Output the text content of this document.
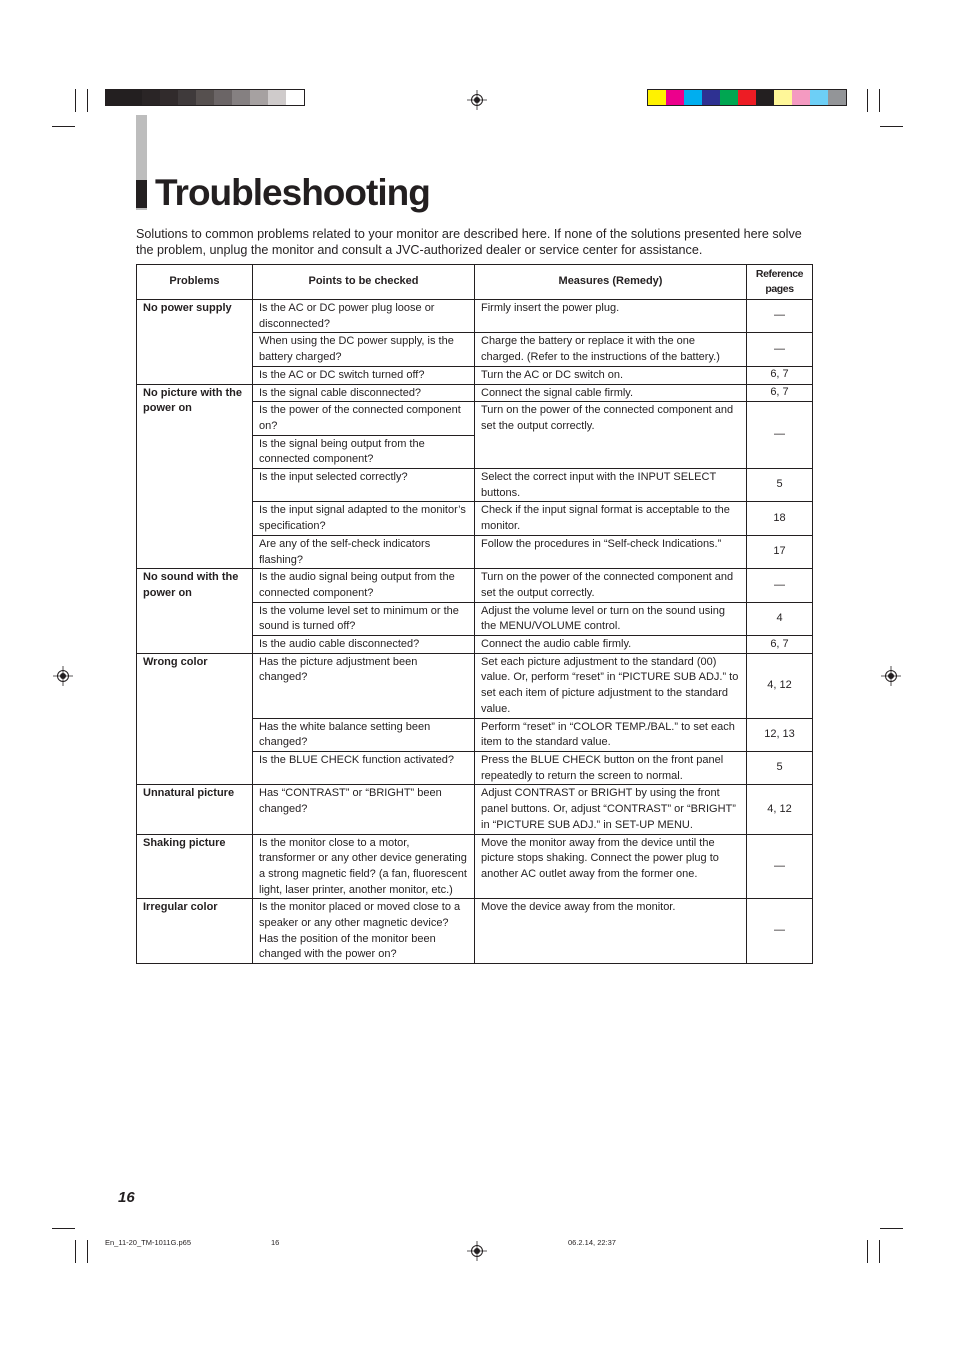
Troubleshooting

Solutions to common problems related to your monitor are described here. If none of the solutions presented here solve the problem, unplug the monitor and consult a JVC-authorized dealer or service center for assistance.

Problems	Points to be checked	Measures (Remedy)	Reference pages
No power supply	Is the AC or DC power plug loose or disconnected?	Firmly insert the power plug.	—
	When using the DC power supply, is the battery charged?	Charge the battery or replace it with the one charged. (Refer to the instructions of the battery.)	—
	Is the AC or DC switch turned off?	Turn the AC or DC switch on.	6, 7
No picture with the power on	Is the signal cable disconnected?	Connect the signal cable firmly.	6, 7
	Is the power of the connected component on?	Turn on the power of the connected component and set the output correctly.	—
	Is the signal being output from the connected component?		
	Is the input selected correctly?	Select the correct input with the INPUT SELECT buttons.	5
	Is the input signal adapted to the monitor’s specification?	Check if the input signal format is acceptable to the monitor.	18
	Are any of the self-check indicators flashing?	Follow the procedures in “Self-check Indications.”	17
No sound with the power on	Is the audio signal being output from the connected component?	Turn on the power of the connected component and set the output correctly.	—
	Is the volume level set to minimum or the sound is turned off?	Adjust the volume level or turn on the sound using the MENU/VOLUME control.	4
	Is the audio cable disconnected?	Connect the audio cable firmly.	6, 7
Wrong color	Has the picture adjustment been changed?	Set each picture adjustment to the standard (00) value. Or, perform “reset” in “PICTURE SUB ADJ.” to set each item of picture adjustment to the standard value.	4, 12
	Has the white balance setting been changed?	Perform “reset” in “COLOR TEMP./BAL.” to set each item to the standard value.	12, 13
	Is the BLUE CHECK function activated?	Press the BLUE CHECK button on the front panel repeatedly to return the screen to normal.	5
Unnatural picture	Has “CONTRAST” or “BRIGHT” been changed?	Adjust CONTRAST or BRIGHT by using the front panel buttons. Or, adjust “CONTRAST” or “BRIGHT” in “PICTURE SUB ADJ.” in SET-UP MENU.	4, 12
Shaking picture	Is the monitor close to a motor, transformer or any other device generating a strong magnetic field? (a fan, fluorescent light, laser printer, another monitor, etc.)	Move the monitor away from the device until the picture stops shaking. Connect the power plug to another AC outlet away from the former one.	—
Irregular color	Is the monitor placed or moved close to a speaker or any other magnetic device? Has the position of the monitor been changed with the power on?	Move the device away from the monitor.	—
16
En_11-20_TM-1011G.p65	16	06.2.14, 22:37
